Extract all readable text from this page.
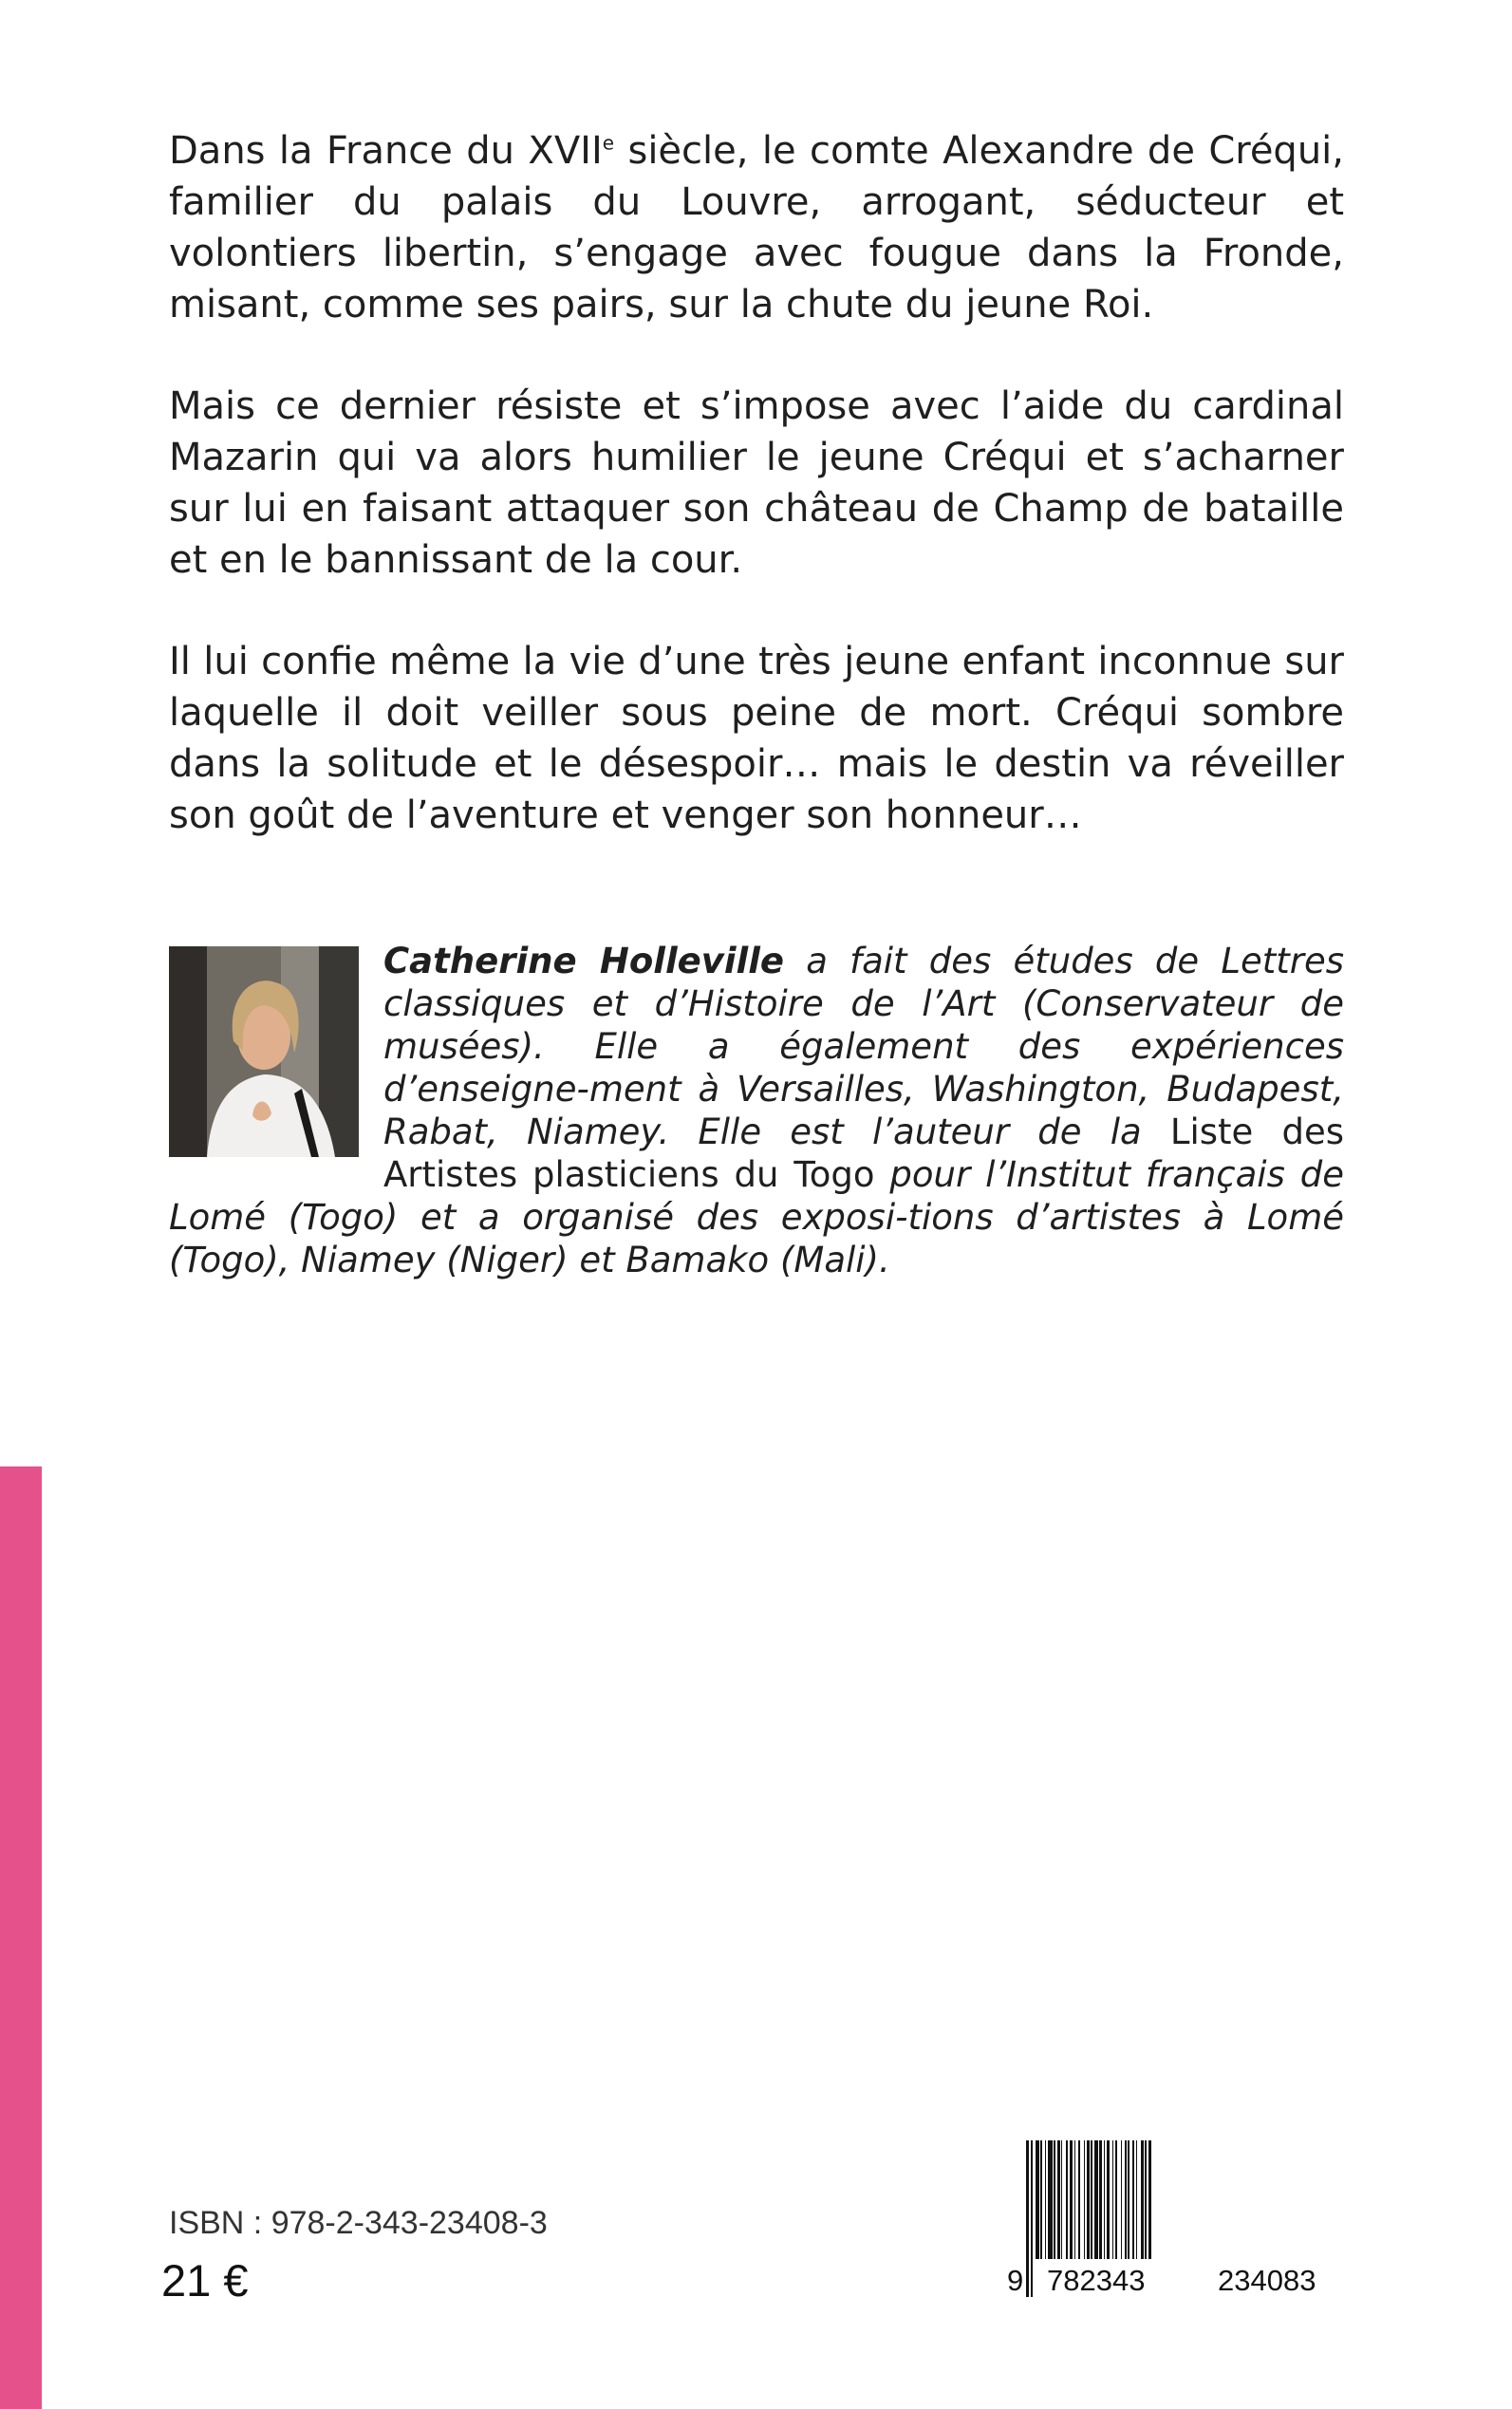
Dans la France du XVIIe siècle, le comte Alexandre de Créqui, familier du palais du Louvre, arrogant, séducteur et volontiers libertin, s’engage avec fougue dans la Fronde, misant, comme ses pairs, sur la chute du jeune Roi.

Mais ce dernier résiste et s’impose avec l’aide du cardinal Mazarin qui va alors humilier le jeune Créqui et s’acharner sur lui en faisant attaquer son château de Champ de bataille et en le bannissant de la cour.

Il lui confie même la vie d’une très jeune enfant inconnue sur laquelle il doit veiller sous peine de mort. Créqui sombre dans la solitude et le désespoir… mais le destin va réveiller son goût de l’aventure et venger son honneur…

Catherine Holleville a fait des études de Lettres classiques et d’Histoire de l’Art (Conservateur de musées). Elle a également des expériences d’enseigne-ment à Versailles, Washington, Budapest, Rabat, Niamey. Elle est l’auteur de la Liste des Artistes plasticiens du Togo pour l’Institut français de Lomé (Togo) et a organisé des exposi-tions d’artistes à Lomé (Togo), Niamey (Niger) et Bamako (Mali).
ISBN : 978-2-343-23408-3
21 €	9 782343 234083
